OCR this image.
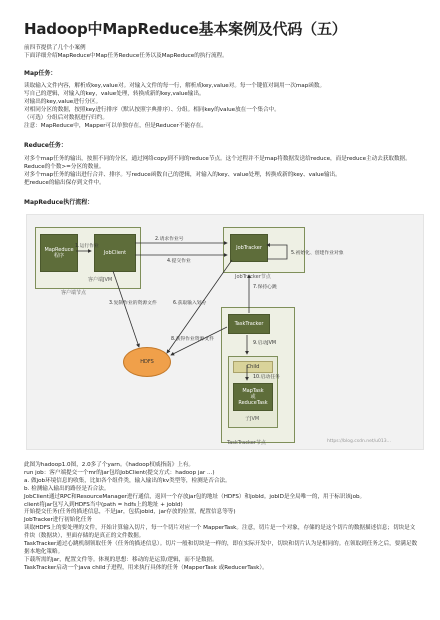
Hadoop中MapReduce基本案例及代码（五）
前四节提供了几个小案例
下面详细介绍MapReduce中Map任务Reduce任务以及MapReduce的执行流程。
Map任务：
读取输入文件内容，解析成key,value对。对输入文件的每一行，解析成key,value对。每一个键值对调用一次map函数。
写自己的逻辑，对输入的key，value处理，转换成新的key,value输出。
对输出的key,value进行分区。
对相同分区的数据，按照key进行排序（默认按照字典排序）、分组。相同key的value放在一个集合中。
（可选）分组后对数据进行归约。
注意：MapReduce中，Mapper可以单独存在，但是Reducer不能存在。
Reduce任务：
对多个map任务的输出，按照不同的分区，通过网络copy到不同的reduce节点。这个过程并不是map将数据发送给reduce，而是reduce主动去获取数据。Reduce的个数>=分区的数量。
对多个map任务的输出进行合并、排序。写reduce函数自己的逻辑，对输入的key、value处理，转换成新的key、value输出。
把reduce的输出保存到文件中。
MapReduce执行流程：
MapReduce
程序	JobClient
客户端JVM
客户端节点
JobTracker
JobTracker节点
HDFS
TaskTracker
Child
MapTask
或
ReduceTask
子JVM
TaskTracker节点
1.运行作业
2.请求作业号
4.提交作业
5.初始化、创建作业对象
3.复制作业的资源文件	6.获取输入划分
7.保持心跳
8.获得作业资源文件
9.启动JVM
10.启动任务
https://blog.csdn.net/u013...
此图为hadoop1.0图，2.0多了个yarn。《hadoop权威指南》上有。
run job：客户端提交一个mr的jar包给JobClient(提交方式：hadoop jar ...)
a. 做job环境信息的收集，比如各个组件类，输入输出的kv类型等，检测是否合法。
b. 检测输入输出的路径是否合法。
JobClient通过RPC和ResourceManager进行通信，返回一个存放jar包的地址（HDFS）和jobId。jobID是全局唯一的，用于标识该job。
client将jar包写入到HDFS当中(path = hdfs上的地址 + jobId)
开始提交任务(任务的描述信息，不是jar，包括jobid，jar存放的位置，配置信息等等)
JobTracker进行初始化任务
读取HDFS上的要处理的文件，开始计算输入切片，每一个切片对应一个 MapperTask。注意，切片是一个对象，存储的是这个切片的数据描述信息；切块是文件块（数据块），里面存储的是真正的文件数据。
TaskTracker通过心跳机制领取任务（任务的描述信息）。切片一般和切块是一样的，即在实际开发中，切块和切片认为是相同的。在领取到任务之后，要满足数据本地化策略。
下载所需的jar，配置文件等。体现的思想：移动的是运算/逻辑，而不是数据。
TaskTracker启动一个java child子进程，用来执行具体的任务（MapperTask 或ReducerTask）。
